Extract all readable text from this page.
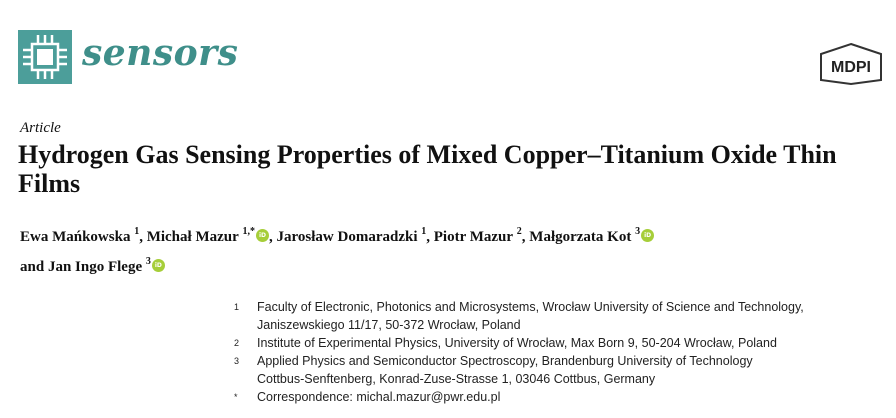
sensors	MDPI
Article
Hydrogen Gas Sensing Properties of Mixed Copper–Titanium Oxide Thin Films
Ewa Mańkowska $^1$, Michał Mazur $^{1,*}$ iD , Jarosław Domaradzki $^1$, Piotr Mazur $^2$, Małgorzata Kot $^3$ iD
and Jan Ingo Flege $^3$ iD
1	Faculty of Electronic, Photonics and Microsystems, Wrocław University of Science and Technology,
Janiszewskiego 11/17, 50-372 Wrocław, Poland
2	Institute of Experimental Physics, University of Wrocław, Max Born 9, 50-204 Wrocław, Poland
3	Applied Physics and Semiconductor Spectroscopy, Brandenburg University of Technology
Cottbus-Senftenberg, Konrad-Zuse-Strasse 1, 03046 Cottbus, Germany
*	Correspondence: michal.mazur@pwr.edu.pl
